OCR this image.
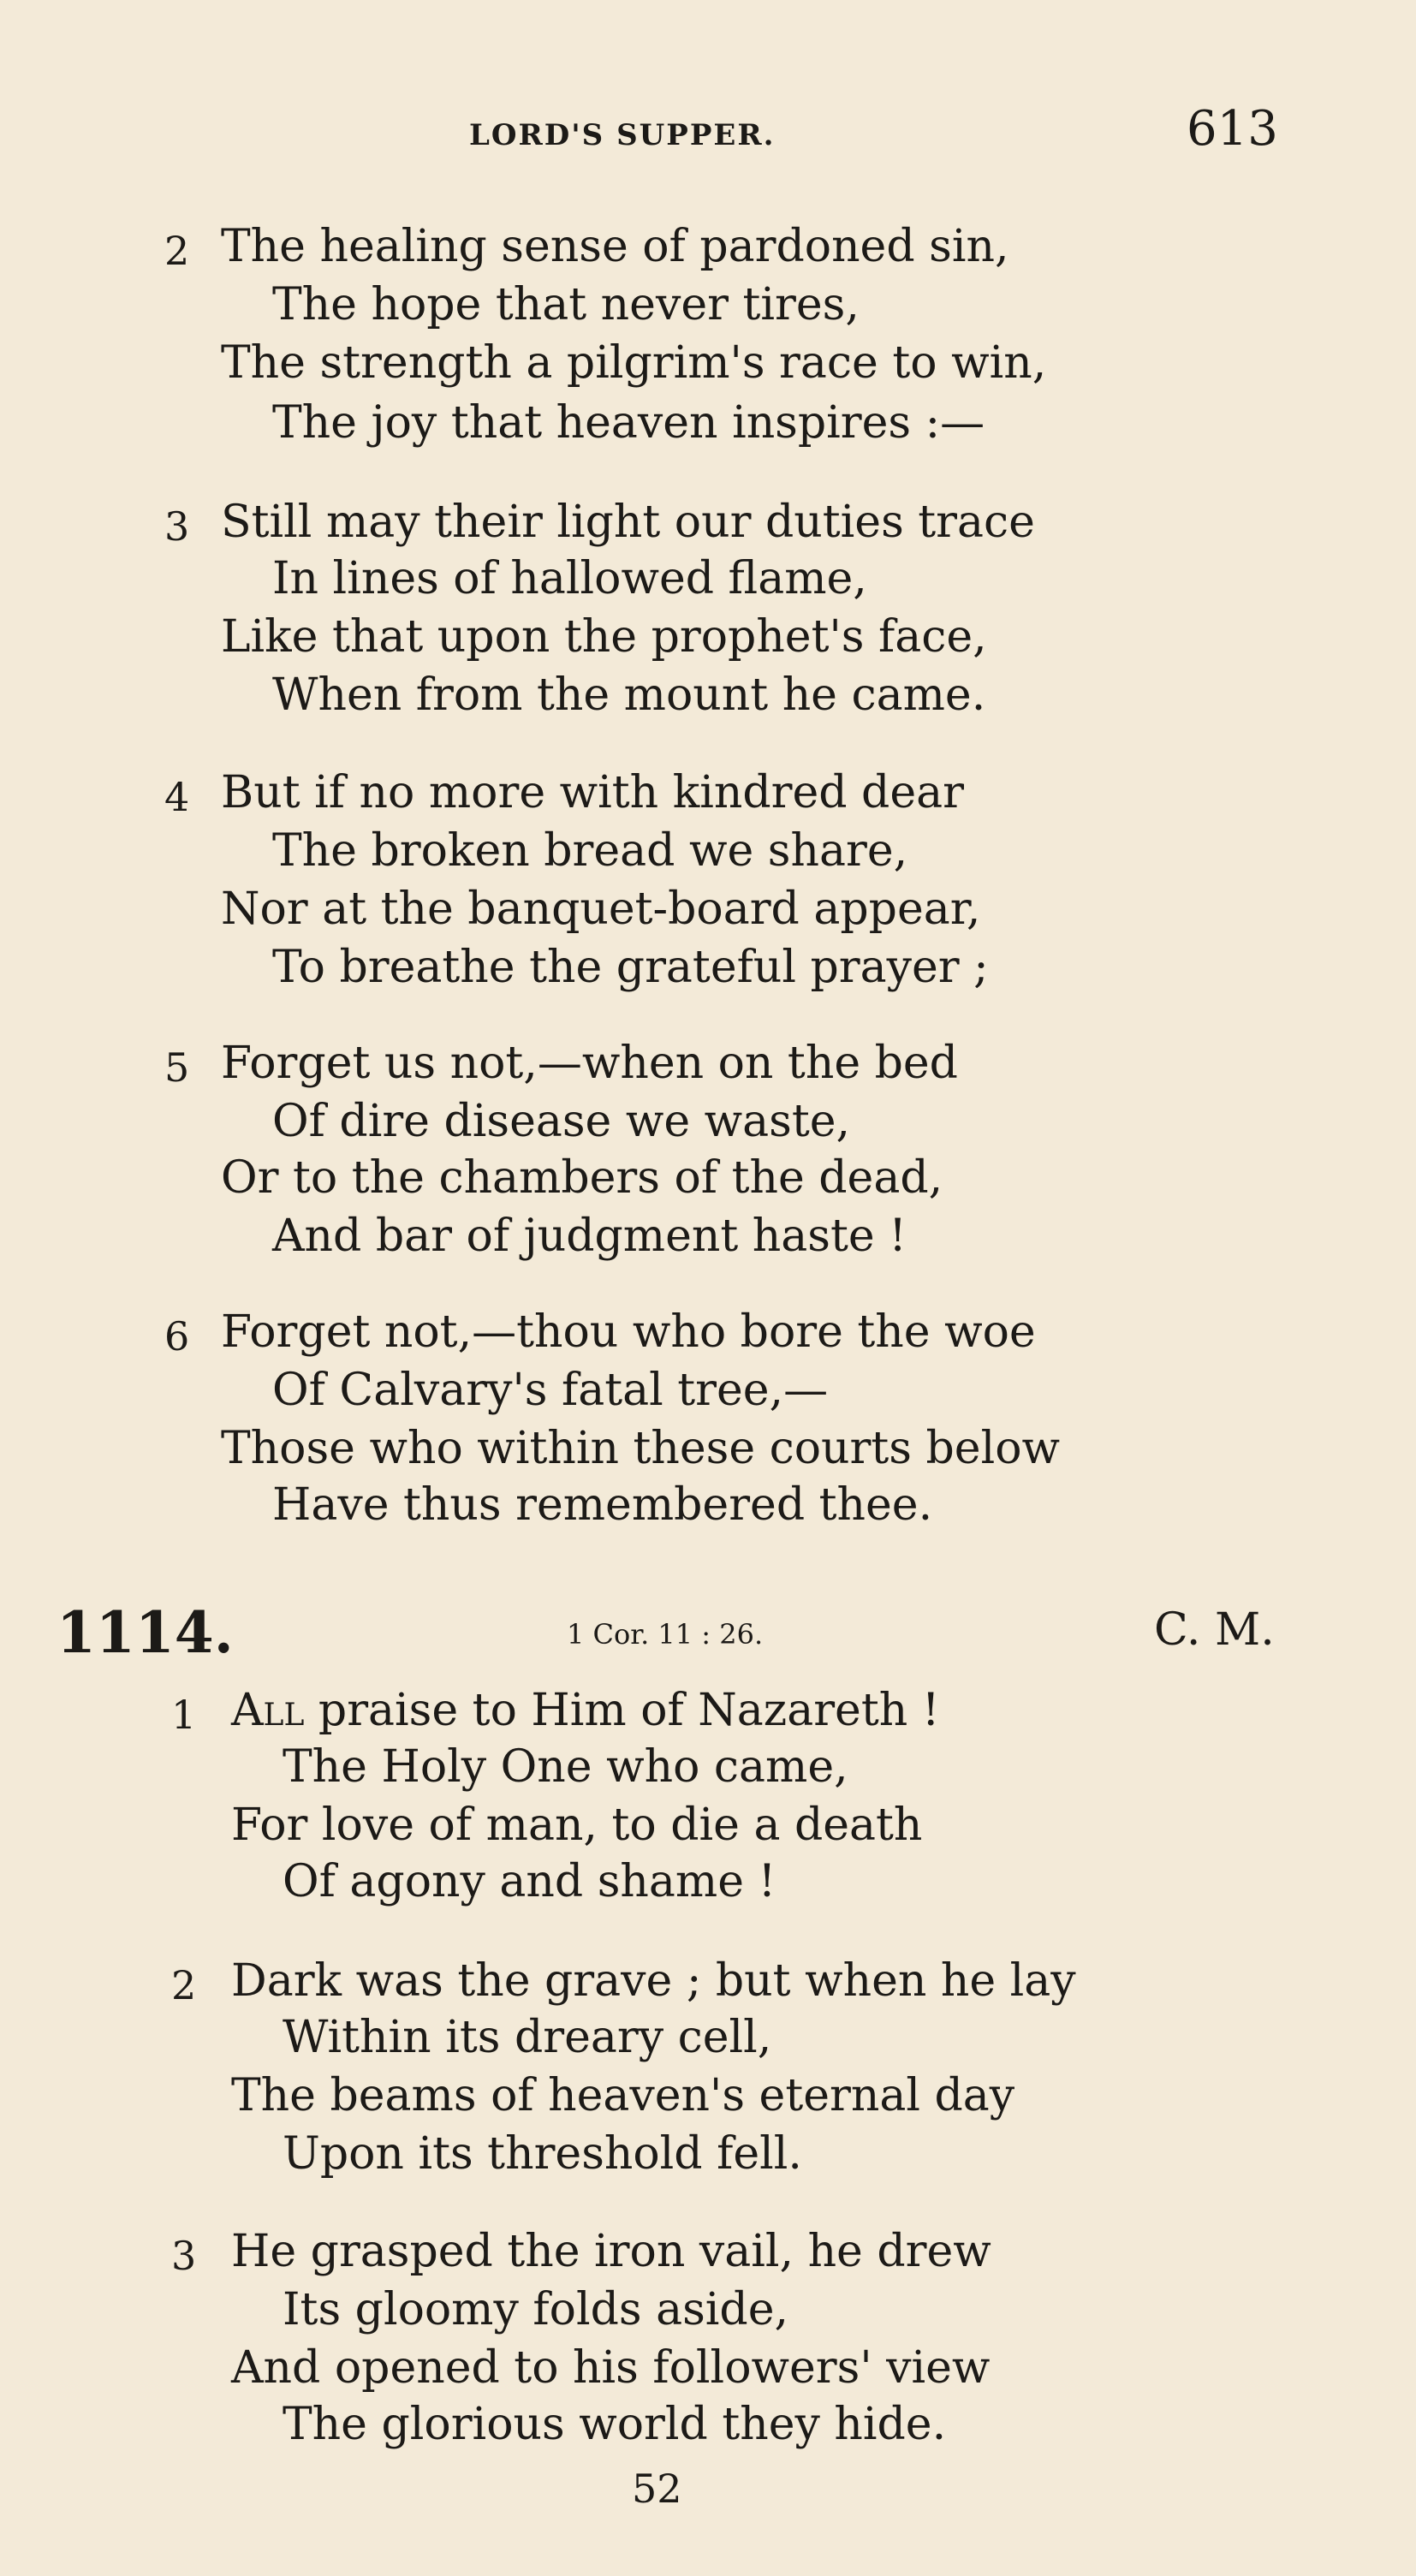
LORD'S SUPPER.	613
2 The healing sense of pardoned sin,
The hope that never tires,
The strength a pilgrim's race to win,
The joy that heaven inspires :—
3 Still may their light our duties trace
In lines of hallowed flame,
Like that upon the prophet's face,
When from the mount he came.
4 But if no more with kindred dear
The broken bread we share,
Nor at the banquet-board appear,
To breathe the grateful prayer ;
5 Forget us not,—when on the bed
Of dire disease we waste,
Or to the chambers of the dead,
And bar of judgment haste !
6 Forget not,—thou who bore the woe
Of Calvary's fatal tree,—
Those who within these courts below
Have thus remembered thee.
1114.	1 Cor. 11 : 26.	C. M.
1 All praise to Him of Nazareth !
The Holy One who came,
For love of man, to die a death
Of agony and shame !
2 Dark was the grave ; but when he lay
Within its dreary cell,
The beams of heaven's eternal day
Upon its threshold fell.
3 He grasped the iron vail, he drew
Its gloomy folds aside,
And opened to his followers' view
The glorious world they hide.
52
